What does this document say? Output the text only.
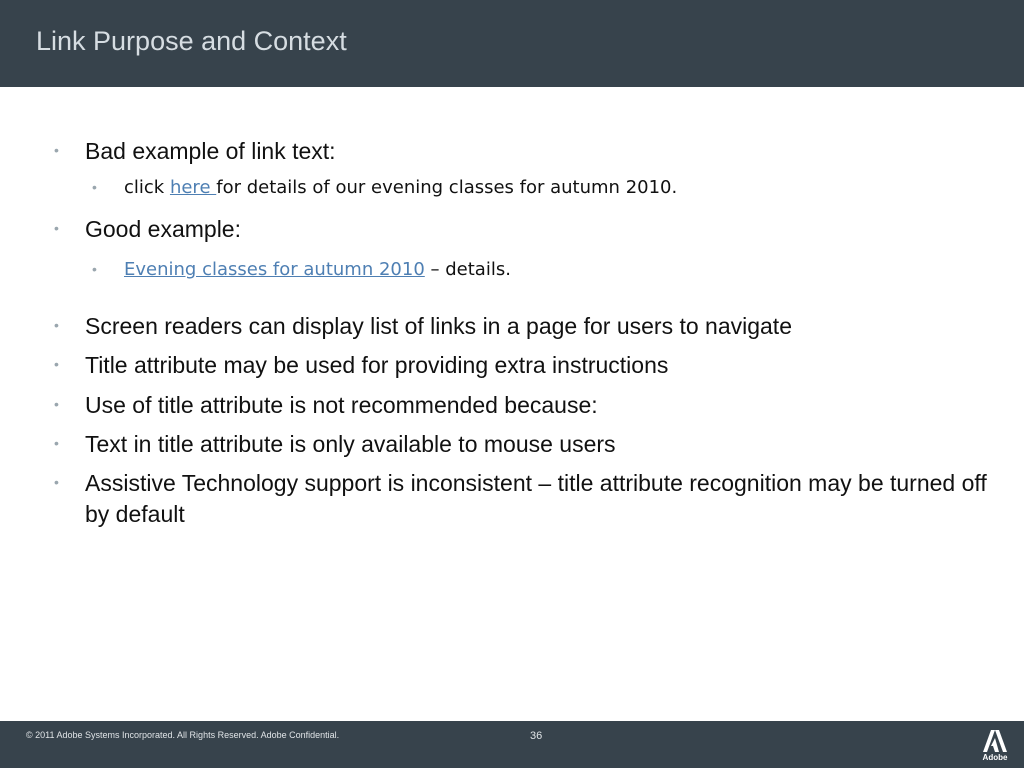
Link Purpose and Context
• Bad example of link text:
• click here for details of our evening classes for autumn 2010.
• Good example:
• Evening classes for autumn 2010 – details.
• Screen readers can display list of links in a page for users to navigate
• Title attribute may be used for providing extra instructions
• Use of title attribute is not recommended because:
• Text in title attribute is only available to mouse users
• Assistive Technology support is inconsistent – title attribute recognition may be turned off by default
© 2011 Adobe Systems Incorporated. All Rights Reserved. Adobe Confidential.	36
Adobe
